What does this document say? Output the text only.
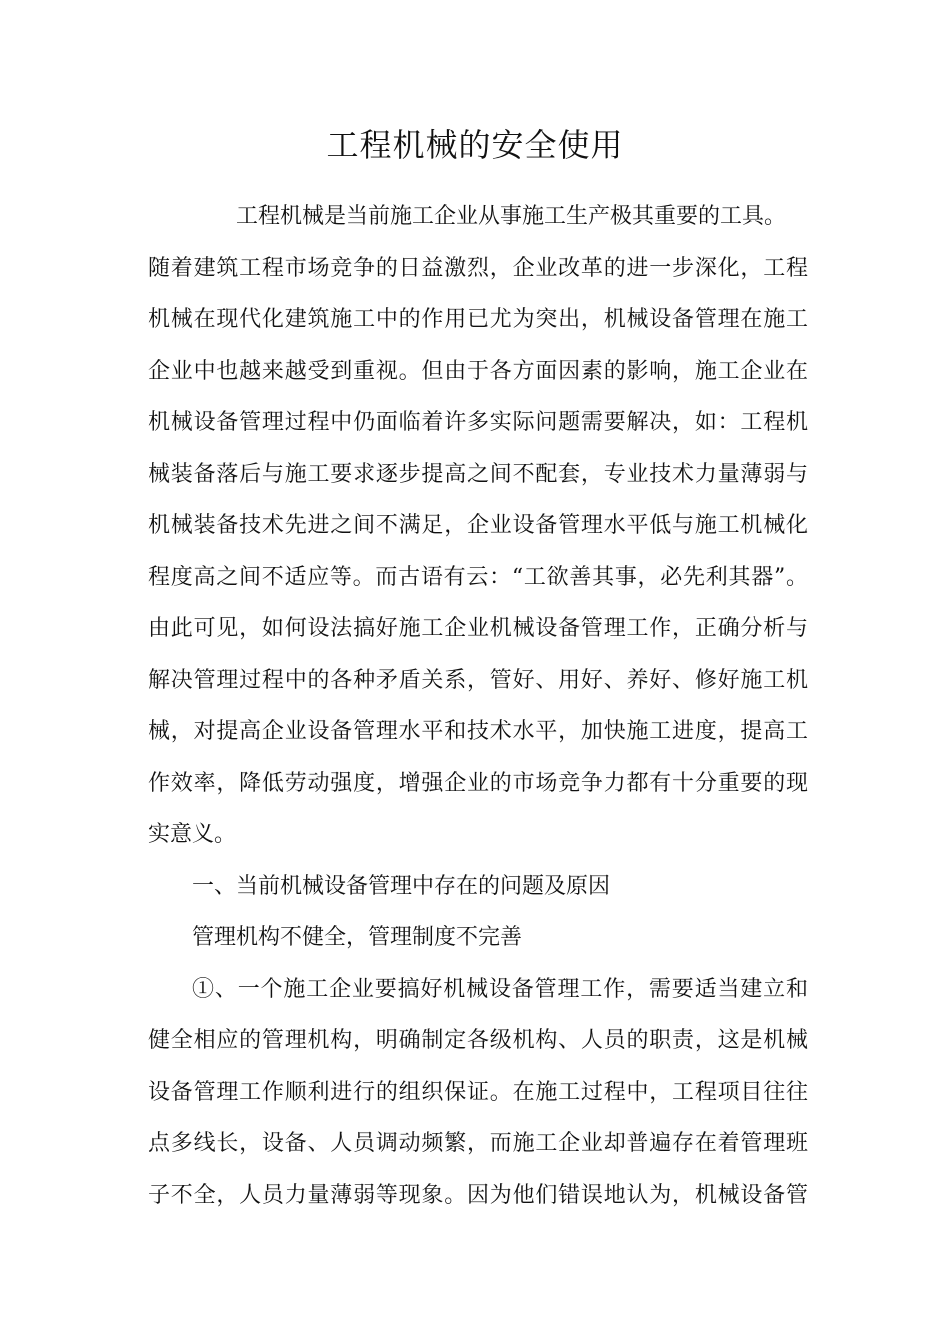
工程机械的安全使用
工程机械是当前施工企业从事施工生产极其重要的工具。
随着建筑工程市场竞争的日益激烈，企业改革的进一步深化，工程
机械在现代化建筑施工中的作用已尤为突出，机械设备管理在施工
企业中也越来越受到重视。但由于各方面因素的影响，施工企业在
机械设备管理过程中仍面临着许多实际问题需要解决，如：工程机
械装备落后与施工要求逐步提高之间不配套，专业技术力量薄弱与
机械装备技术先进之间不满足，企业设备管理水平低与施工机械化
程度高之间不适应等。而古语有云：“工欲善其事，必先利其器”。
由此可见，如何设法搞好施工企业机械设备管理工作，正确分析与
解决管理过程中的各种矛盾关系，管好、用好、养好、修好施工机
械，对提高企业设备管理水平和技术水平，加快施工进度，提高工
作效率，降低劳动强度，增强企业的市场竞争力都有十分重要的现
实意义。
一、当前机械设备管理中存在的问题及原因
管理机构不健全，管理制度不完善
①、一个施工企业要搞好机械设备管理工作，需要适当建立和
健全相应的管理机构，明确制定各级机构、人员的职责，这是机械
设备管理工作顺利进行的组织保证。在施工过程中，工程项目往往
点多线长，设备、人员调动频繁，而施工企业却普遍存在着管理班
子不全，人员力量薄弱等现象。因为他们错误地认为，机械设备管
